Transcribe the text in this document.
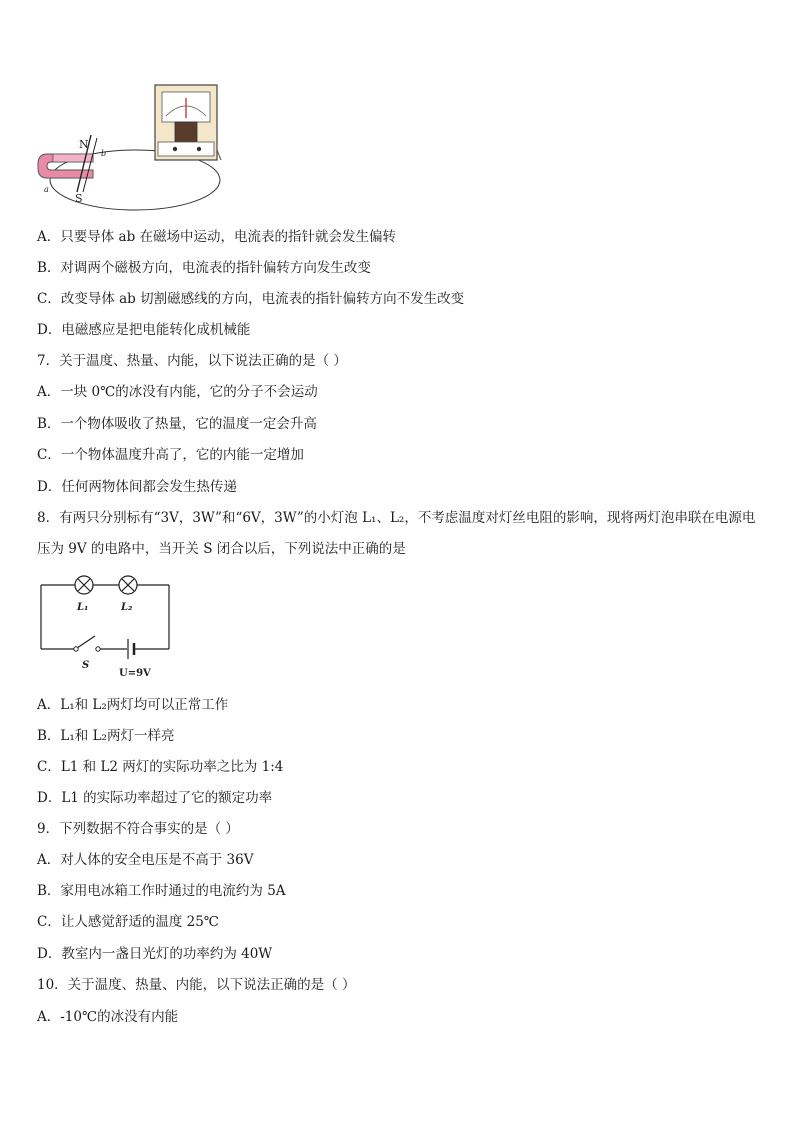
N
S
b
a
A．只要导体 ab 在磁场中运动，电流表的指针就会发生偏转
B．对调两个磁极方向，电流表的指针偏转方向发生改变
C．改变导体 ab 切割磁感线的方向，电流表的指针偏转方向不发生改变
D．电磁感应是把电能转化成机械能
7．关于温度、热量、内能，以下说法正确的是（ ）
A．一块 0℃的冰没有内能，它的分子不会运动
B．一个物体吸收了热量，它的温度一定会升高
C．一个物体温度升高了，它的内能一定增加
D．任何两物体间都会发生热传递
8．有两只分别标有“3V，3W”和“6V，3W”的小灯泡 L₁、L₂，不考虑温度对灯丝电阻的影响，现将两灯泡串联在电源电
压为 9V 的电路中，当开关 S 闭合以后，下列说法中正确的是
L₁	L₂
S
U=9V
A．L₁和 L₂两灯均可以正常工作
B．L₁和 L₂两灯一样亮
C．L1 和 L2 两灯的实际功率之比为 1:4
D．L1 的实际功率超过了它的额定功率
9．下列数据不符合事实的是（ ）
A．对人体的安全电压是不高于 36V
B．家用电冰箱工作时通过的电流约为 5A
C．让人感觉舒适的温度 25℃
D．教室内一盏日光灯的功率约为 40W
10．关于温度、热量、内能，以下说法正确的是（ ）
A．-10℃的冰没有内能
